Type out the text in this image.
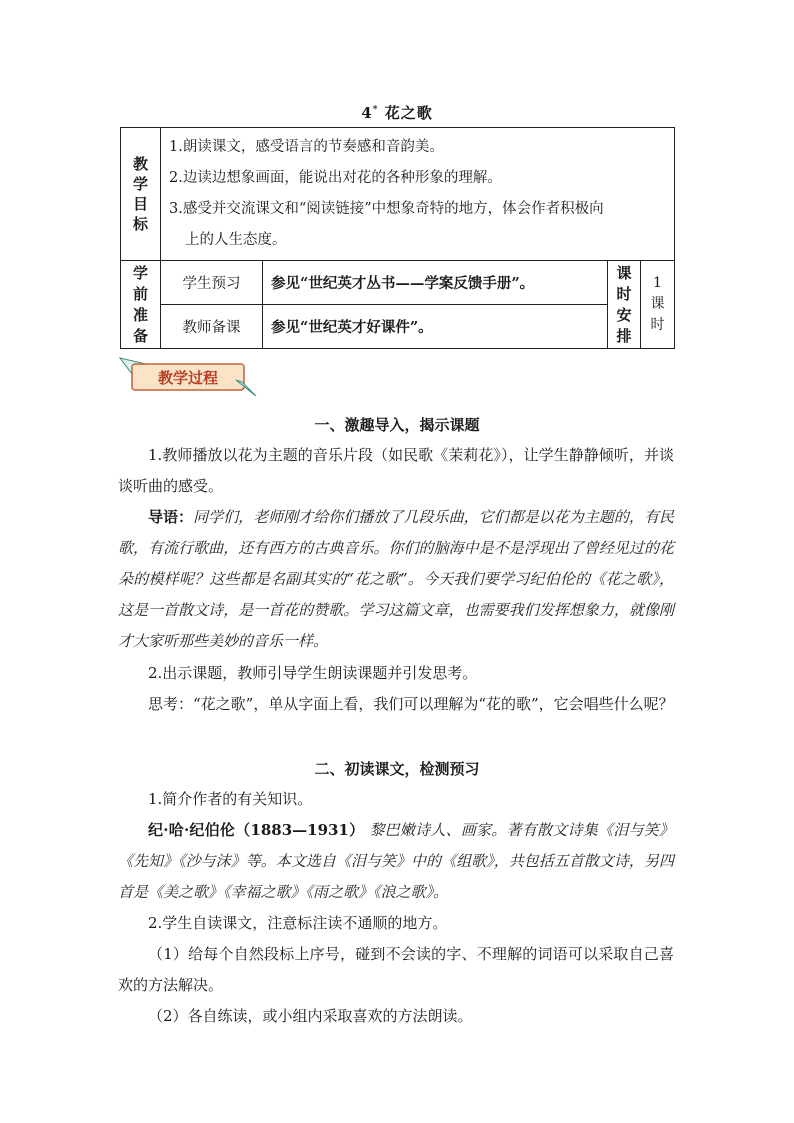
4* 花之歌
教学目标	1.朗读课文，感受语言的节奏感和音韵美。
2.边读边想象画面，能说出对花的各种形象的理解。
3.感受并交流课文和“阅读链接”中想象奇特的地方，体会作者积极向
上的人生态度。			

学前准备	学生预习	参见“世纪英才丛书——学案反馈手册”。	课时安排	1课时

	教师备课	参见“世纪英才好课件”。		
教学过程
一、激趣导入，揭示课题
1.教师播放以花为主题的音乐片段（如民歌《茉莉花》），让学生静静倾听，并谈谈听曲的感受。
导语：同学们，老师刚才给你们播放了几段乐曲，它们都是以花为主题的，有民歌，有流行歌曲，还有西方的古典音乐。你们的脑海中是不是浮现出了曾经见过的花朵的模样呢？这些都是名副其实的“花之歌”。今天我们要学习纪伯伦的《花之歌》，这是一首散文诗，是一首花的赞歌。学习这篇文章，也需要我们发挥想象力，就像刚才大家听那些美妙的音乐一样。
2.出示课题，教师引导学生朗读课题并引发思考。
思考：“花之歌”，单从字面上看，我们可以理解为“花的歌”，它会唱些什么呢？
二、初读课文，检测预习
1.简介作者的有关知识。
纪·哈·纪伯伦（1883—1931） 黎巴嫩诗人、画家。著有散文诗集《泪与笑》《先知》《沙与沫》等。本文选自《泪与笑》中的《组歌》，共包括五首散文诗，另四首是《美之歌》《幸福之歌》《雨之歌》《浪之歌》。
2.学生自读课文，注意标注读不通顺的地方。
（1）给每个自然段标上序号，碰到不会读的字、不理解的词语可以采取自己喜欢的方法解决。
（2）各自练读，或小组内采取喜欢的方法朗读。
